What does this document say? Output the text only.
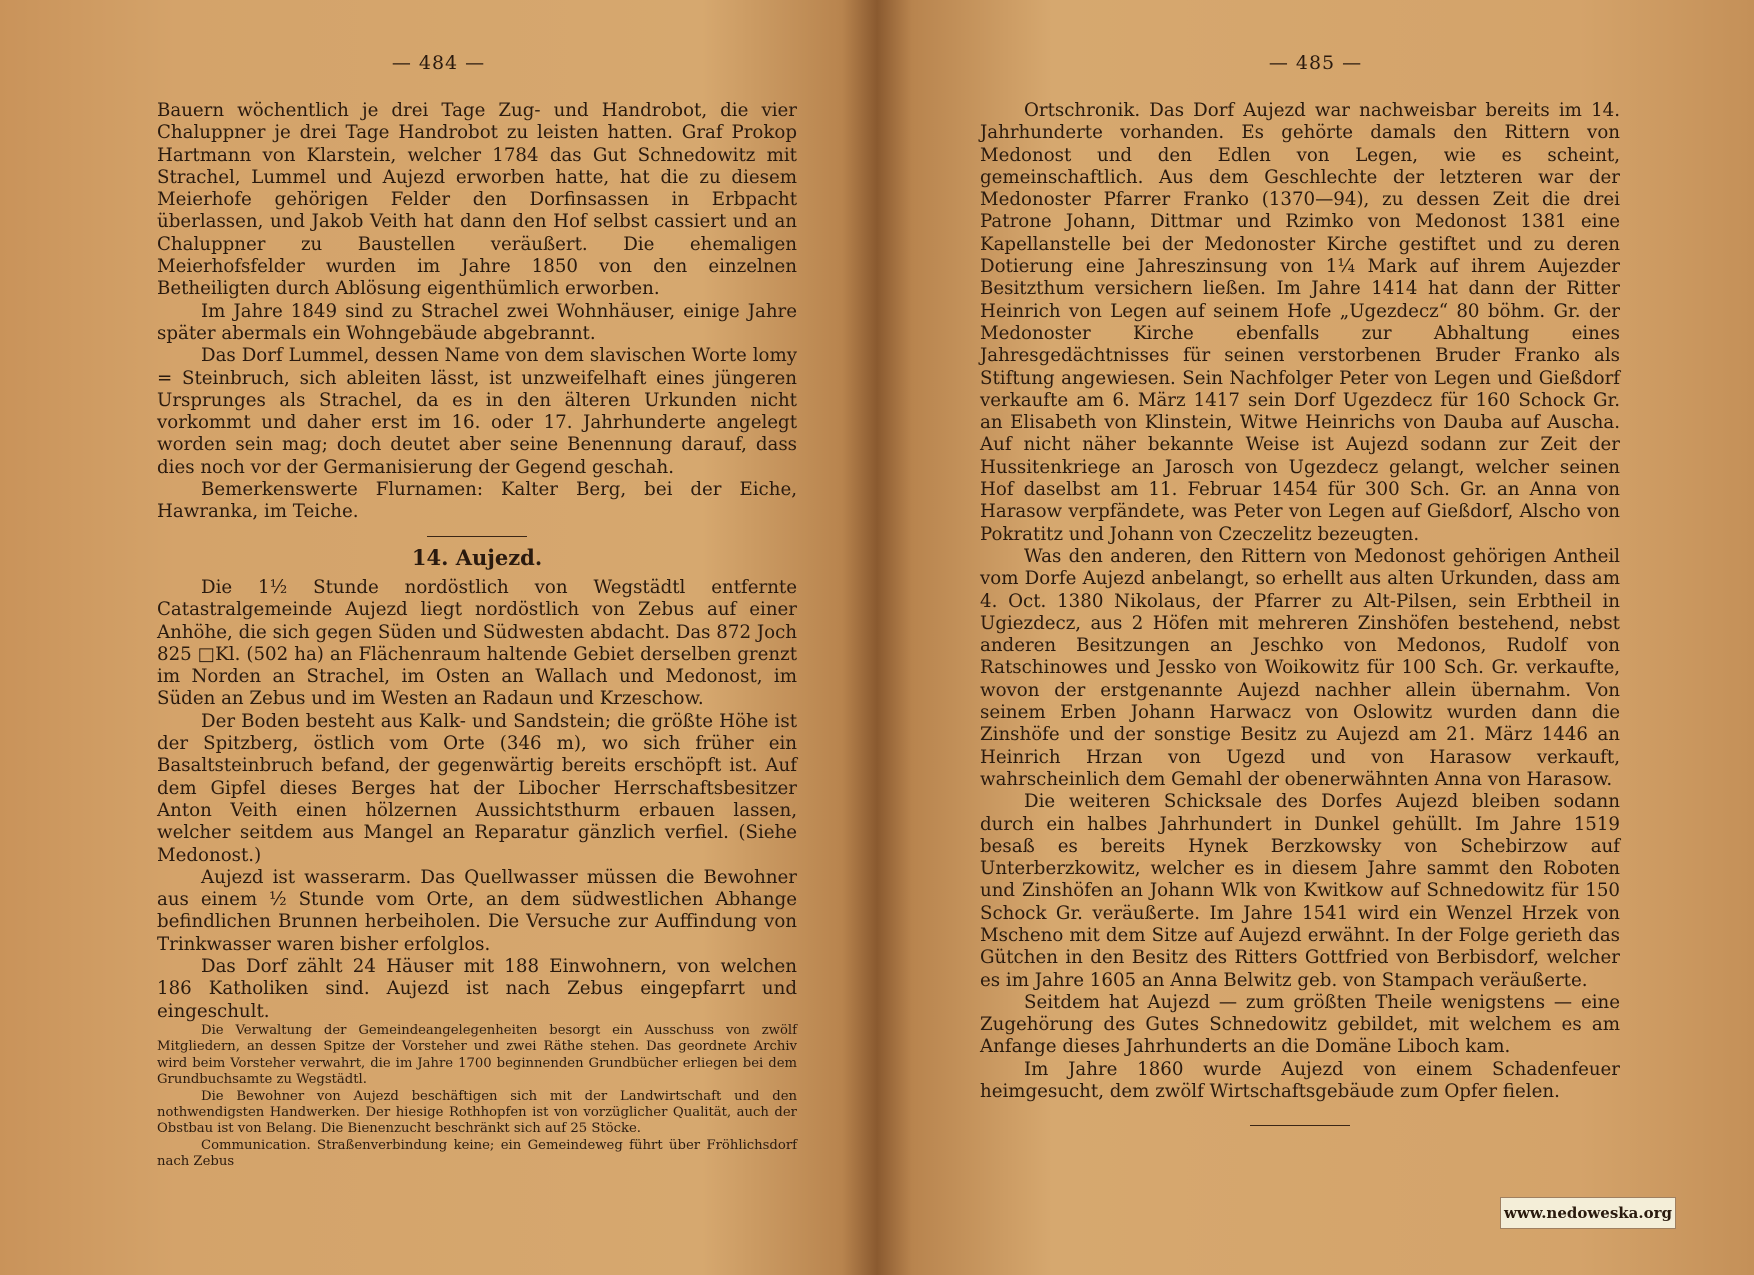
— 484 —

Bauern wöchentlich je drei Tage Zug- und Handrobot, die vier Chaluppner je drei Tage Handrobot zu leisten hatten. Graf Prokop Hartmann von Klarstein, welcher 1784 das Gut Schnedowitz mit Strachel, Lummel und Aujezd erworben hatte, hat die zu diesem Meierhofe gehörigen Felder den Dorfinsassen in Erbpacht überlassen, und Jakob Veith hat dann den Hof selbst cassiert und an Chaluppner zu Baustellen veräußert. Die ehemaligen Meierhofsfelder wurden im Jahre 1850 von den einzelnen Betheiligten durch Ablösung eigenthümlich erworben.

Im Jahre 1849 sind zu Strachel zwei Wohnhäuser, einige Jahre später abermals ein Wohngebäude abgebrannt.

Das Dorf Lummel, dessen Name von dem slavischen Worte lomy = Steinbruch, sich ableiten lässt, ist unzweifelhaft eines jüngeren Ursprunges als Strachel, da es in den älteren Urkunden nicht vorkommt und daher erst im 16. oder 17. Jahrhunderte angelegt worden sein mag; doch deutet aber seine Benennung darauf, dass dies noch vor der Germanisierung der Gegend geschah.

Bemerkenswerte Flurnamen: Kalter Berg, bei der Eiche, Hawranka, im Teiche.

14. Aujezd.

Die 1½ Stunde nordöstlich von Wegstädtl entfernte Catastralgemeinde Aujezd liegt nordöstlich von Zebus auf einer Anhöhe, die sich gegen Süden und Südwesten abdacht. Das 872 Joch 825 □Kl. (502 ha) an Flächenraum haltende Gebiet derselben grenzt im Norden an Strachel, im Osten an Wallach und Medonost, im Süden an Zebus und im Westen an Radaun und Krzeschow.

Der Boden besteht aus Kalk- und Sandstein; die größte Höhe ist der Spitzberg, östlich vom Orte (346 m), wo sich früher ein Basaltsteinbruch befand, der gegenwärtig bereits erschöpft ist. Auf dem Gipfel dieses Berges hat der Libocher Herrschaftsbesitzer Anton Veith einen hölzernen Aussichtsthurm erbauen lassen, welcher seitdem aus Mangel an Reparatur gänzlich verfiel. (Siehe Medonost.)

Aujezd ist wasserarm. Das Quellwasser müssen die Bewohner aus einem ½ Stunde vom Orte, an dem südwestlichen Abhange befindlichen Brunnen herbeiholen. Die Versuche zur Auffindung von Trinkwasser waren bisher erfolglos.

Das Dorf zählt 24 Häuser mit 188 Einwohnern, von welchen 186 Katholiken sind. Aujezd ist nach Zebus eingepfarrt und eingeschult.

Die Verwaltung der Gemeindeangelegenheiten besorgt ein Ausschuss von zwölf Mitgliedern, an dessen Spitze der Vorsteher und zwei Räthe stehen. Das geordnete Archiv wird beim Vorsteher verwahrt, die im Jahre 1700 beginnenden Grundbücher erliegen bei dem Grundbuchsamte zu Wegstädtl.

Die Bewohner von Aujezd beschäftigen sich mit der Landwirtschaft und den nothwendigsten Handwerken. Der hiesige Rothhopfen ist von vorzüglicher Qualität, auch der Obstbau ist von Belang. Die Bienenzucht beschränkt sich auf 25 Stöcke.

Communication. Straßenverbindung keine; ein Gemeindeweg führt über Fröhlichsdorf nach Zebus

— 485 —

Ortschronik. Das Dorf Aujezd war nachweisbar bereits im 14. Jahrhunderte vorhanden. Es gehörte damals den Rittern von Medonost und den Edlen von Legen, wie es scheint, gemeinschaftlich. Aus dem Geschlechte der letzteren war der Medonoster Pfarrer Franko (1370—94), zu dessen Zeit die drei Patrone Johann, Dittmar und Rzimko von Medonost 1381 eine Kapellanstelle bei der Medonoster Kirche gestiftet und zu deren Dotierung eine Jahreszinsung von 1¼ Mark auf ihrem Aujezder Besitzthum versichern ließen. Im Jahre 1414 hat dann der Ritter Heinrich von Legen auf seinem Hofe „Ugezdecz“ 80 böhm. Gr. der Medonoster Kirche ebenfalls zur Abhaltung eines Jahresgedächtnisses für seinen verstorbenen Bruder Franko als Stiftung angewiesen. Sein Nachfolger Peter von Legen und Gießdorf verkaufte am 6. März 1417 sein Dorf Ugezdecz für 160 Schock Gr. an Elisabeth von Klinstein, Witwe Heinrichs von Dauba auf Auscha. Auf nicht näher bekannte Weise ist Aujezd sodann zur Zeit der Hussitenkriege an Jarosch von Ugezdecz gelangt, welcher seinen Hof daselbst am 11. Februar 1454 für 300 Sch. Gr. an Anna von Harasow verpfändete, was Peter von Legen auf Gießdorf, Alscho von Pokratitz und Johann von Czeczelitz bezeugten.

Was den anderen, den Rittern von Medonost gehörigen Antheil vom Dorfe Aujezd anbelangt, so erhellt aus alten Urkunden, dass am 4. Oct. 1380 Nikolaus, der Pfarrer zu Alt-Pilsen, sein Erbtheil in Ugiezdecz, aus 2 Höfen mit mehreren Zinshöfen bestehend, nebst anderen Besitzungen an Jeschko von Medonos, Rudolf von Ratschinowes und Jessko von Woikowitz für 100 Sch. Gr. verkaufte, wovon der erstgenannte Aujezd nachher allein übernahm. Von seinem Erben Johann Harwacz von Oslowitz wurden dann die Zinshöfe und der sonstige Besitz zu Aujezd am 21. März 1446 an Heinrich Hrzan von Ugezd und von Harasow verkauft, wahrscheinlich dem Gemahl der obenerwähnten Anna von Harasow.

Die weiteren Schicksale des Dorfes Aujezd bleiben sodann durch ein halbes Jahrhundert in Dunkel gehüllt. Im Jahre 1519 besaß es bereits Hynek Berzkowsky von Schebirzow auf Unterberzkowitz, welcher es in diesem Jahre sammt den Roboten und Zinshöfen an Johann Wlk von Kwitkow auf Schnedowitz für 150 Schock Gr. veräußerte. Im Jahre 1541 wird ein Wenzel Hrzek von Mscheno mit dem Sitze auf Aujezd erwähnt. In der Folge gerieth das Gütchen in den Besitz des Ritters Gottfried von Berbisdorf, welcher es im Jahre 1605 an Anna Belwitz geb. von Stampach veräußerte.

Seitdem hat Aujezd — zum größten Theile wenigstens — eine Zugehörung des Gutes Schnedowitz gebildet, mit welchem es am Anfange dieses Jahrhunderts an die Domäne Liboch kam.

Im Jahre 1860 wurde Aujezd von einem Schadenfeuer heimgesucht, dem zwölf Wirtschaftsgebäude zum Opfer fielen.

www.nedoweska.org
